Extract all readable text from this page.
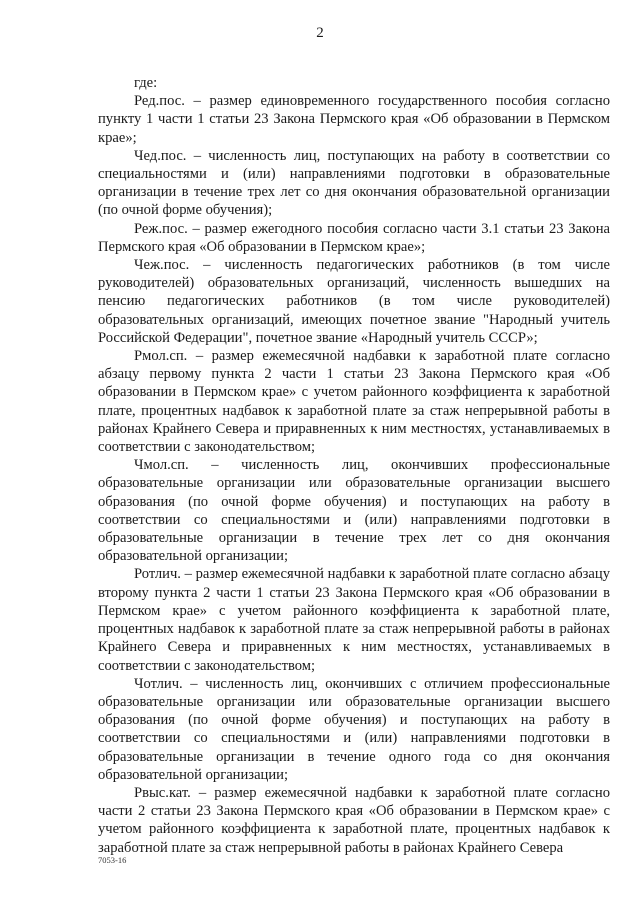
2

где:

Ред.пос. – размер единовременного государственного пособия согласно пункту 1 части 1 статьи 23 Закона Пермского края «Об образовании в Пермском крае»;

Чед.пос. – численность лиц, поступающих на работу в соответствии со специальностями и (или) направлениями подготовки в образовательные организации в течение трех лет со дня окончания образовательной организации (по очной форме обучения);

Реж.пос. – размер ежегодного пособия согласно части 3.1 статьи 23 Закона Пермского края «Об образовании в Пермском крае»;

Чеж.пос. – численность педагогических работников (в том числе руководителей) образовательных организаций, численность вышедших на пенсию педагогических работников (в том числе руководителей) образовательных организаций, имеющих почетное звание "Народный учитель Российской Федерации", почетное звание «Народный учитель СССР»;

Рмол.сп. – размер ежемесячной надбавки к заработной плате согласно абзацу первому пункта 2 части 1 статьи 23 Закона Пермского края «Об образовании в Пермском крае» с учетом районного коэффициента к заработной плате, процентных надбавок к заработной плате за стаж непрерывной работы в районах Крайнего Севера и приравненных к ним местностях, устанавливаемых в соответствии с законодательством;

Чмол.сп. – численность лиц, окончивших профессиональные образовательные организации или образовательные организации высшего образования (по очной форме обучения) и поступающих на работу в соответствии со специальностями и (или) направлениями подготовки в образовательные организации в течение трех лет со дня окончания образовательной организации;

Ротлич. – размер ежемесячной надбавки к заработной плате согласно абзацу второму пункта 2 части 1 статьи 23 Закона Пермского края «Об образовании в Пермском крае» с учетом районного коэффициента к заработной плате, процентных надбавок к заработной плате за стаж непрерывной работы в районах Крайнего Севера и приравненных к ним местностях, устанавливаемых в соответствии с законодательством;

Чотлич. – численность лиц, окончивших с отличием профессиональные образовательные организации или образовательные организации высшего образования (по очной форме обучения) и поступающих на работу в соответствии со специальностями и (или) направлениями подготовки в образовательные организации в течение одного года со дня окончания образовательной организации;

Рвыс.кат. – размер ежемесячной надбавки к заработной плате согласно части 2 статьи 23 Закона Пермского края «Об образовании в Пермском крае» с учетом районного коэффициента к заработной плате, процентных надбавок к заработной плате за стаж непрерывной работы в районах Крайнего Севера

7053-16
